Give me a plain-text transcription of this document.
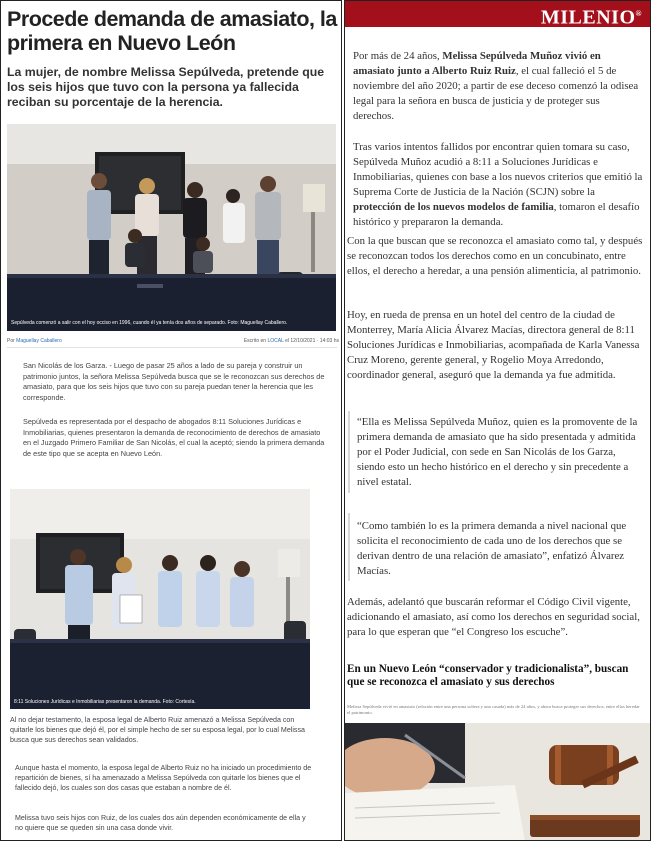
Procede demanda de amasiato, la primera en Nuevo León

La mujer, de nombre Melissa Sepúlveda, pretende que los seis hijos que tuvo con la persona ya fallecida reciban su porcentaje de la herencia.

Sepúlveda comenzó a salir con el hoy occiso en 1996, cuando él ya tenía dos años de separado. Foto: Maguellay Caballero.
Por Maguellay Caballero	Escrito en LOCAL el 12/10/2021 · 14:03 hs

San Nicolás de los Garza. - Luego de pasar 25 años a lado de su pareja y construir un patrimonio juntos, la señora Melissa Sepúlveda busca que se le reconozcan sus derechos de amasiato, para que los seis hijos que tuvo con su pareja puedan tener la herencia que les corresponde.

Sepúlveda es representada por el despacho de abogados 8:11 Soluciones Jurídicas e Inmobiliarias, quienes presentaron la demanda de reconocimiento de derechos de amasiato en el Juzgado Primero Familiar de San Nicolás, el cual la aceptó; siendo la primera demanda de este tipo que se acepta en Nuevo León.

8:11 Soluciones Jurídicas e Inmobiliarias presentaron la demanda. Foto: Cortesía.

Al no dejar testamento, la esposa legal de Alberto Ruiz amenazó a Melissa Sepúlveda con quitarle los bienes que dejó él, por el simple hecho de ser su esposa legal, por lo cual Melissa busca que sus derechos sean validados.

Aunque hasta el momento, la esposa legal de Alberto Ruiz no ha iniciado un procedimiento de repartición de bienes, sí ha amenazado a Melissa Sepúlveda con quitarle los bienes que el fallecido dejó, los cuales son dos casas que estaban a nombre de él.

Melissa tuvo seis hijos con Ruiz, de los cuales dos aún dependen económicamente de ella y no quiere que se queden sin una casa donde vivir.

MILENIO®

Por más de 24 años, Melissa Sepúlveda Muñoz vivió en amasiato junto a Alberto Ruiz Ruiz, el cual falleció el 5 de noviembre del año 2020; a partir de ese deceso comenzó la odisea legal para la señora en busca de justicia y de proteger sus derechos.

Tras varios intentos fallidos por encontrar quien tomara su caso, Sepúlveda Muñoz acudió a 8:11 a Soluciones Jurídicas e Inmobiliarias, quienes con base a los nuevos criterios que emitió la Suprema Corte de Justicia de la Nación (SCJN) sobre la protección de los nuevos modelos de familia, tomaron el desafío histórico y prepararon la demanda.

Con la que buscan que se reconozca el amasiato como tal, y después se reconozcan todos los derechos como en un concubinato, entre ellos, el derecho a heredar, a una pensión alimenticia, al patrimonio.

Hoy, en rueda de prensa en un hotel del centro de la ciudad de Monterrey, María Alicia Álvarez Macías, directora general de 8:11 Soluciones Jurídicas e Inmobiliarias, acompañada de Karla Vanessa Cruz Moreno, gerente general, y Rogelio Moya Arredondo, coordinador general, aseguró que la demanda ya fue admitida.

“Ella es Melissa Sepúlveda Muñoz, quien es la promovente de la primera demanda de amasiato que ha sido presentada y admitida por el Poder Judicial, con sede en San Nicolás de los Garza, siendo esto un hecho histórico en el derecho y sin precedente a nivel estatal.

“Como también lo es la primera demanda a nivel nacional que solicita el reconocimiento de cada uno de los derechos que se derivan dentro de una relación de amasiato”, enfatizó Álvarez Macías.

Además, adelantó que buscarán reformar el Código Civil vigente, adicionando el amasiato, así como los derechos en seguridad social, para lo que esperan que “el Congreso los escuche”.

En un Nuevo León “conservador y tradicionalista”, buscan que se reconozca el amasiato y sus derechos

Melissa Sepúlveda vivió en amasiato (relación entre una persona soltera y una casada) más de 24 años, y ahora busca proteger sus derechos, entre ellos heredar el patrimonio.
